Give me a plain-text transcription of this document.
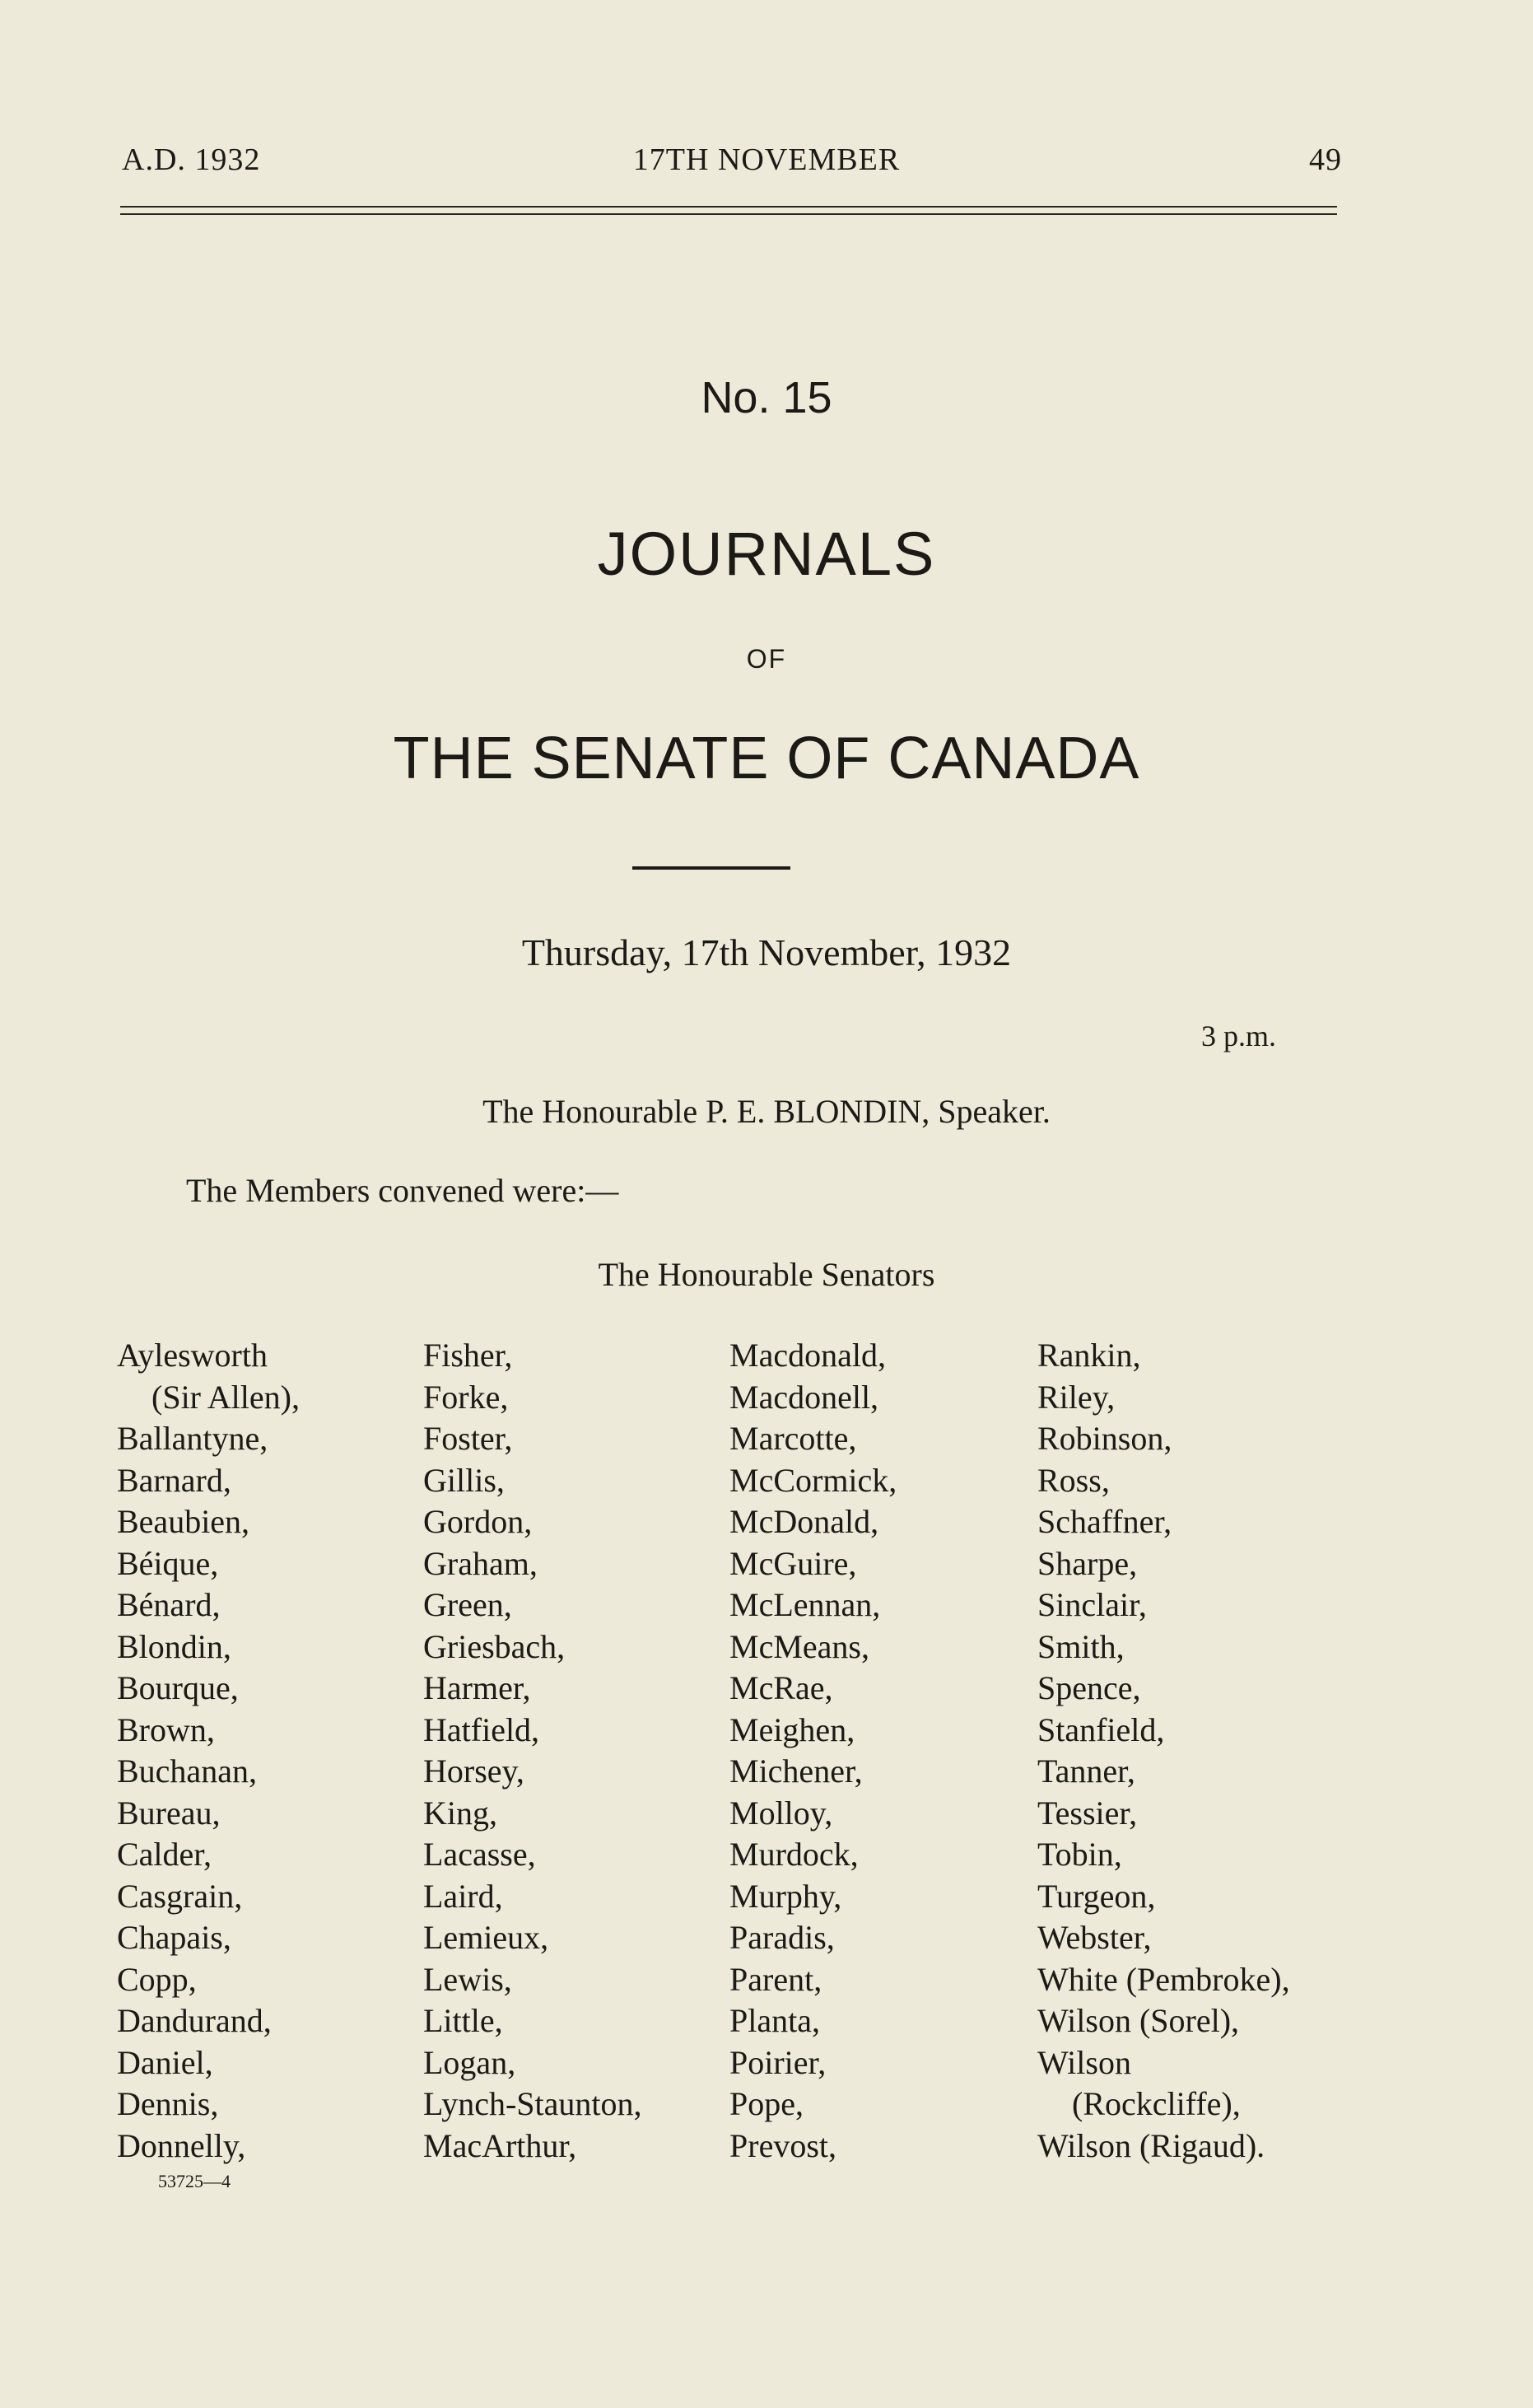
A.D. 1932	17TH NOVEMBER	49
No. 15
JOURNALS
OF
THE SENATE OF CANADA
Thursday, 17th November, 1932
3 p.m.
The Honourable P. E. BLONDIN, Speaker.
The Members convened were:—
The Honourable Senators
Aylesworth
(Sir Allen),
Ballantyne,
Barnard,
Beaubien,
Béique,
Bénard,
Blondin,
Bourque,
Brown,
Buchanan,
Bureau,
Calder,
Casgrain,
Chapais,
Copp,
Dandurand,
Daniel,
Dennis,
Donnelly,
Fisher,
Forke,
Foster,
Gillis,
Gordon,
Graham,
Green,
Griesbach,
Harmer,
Hatfield,
Horsey,
King,
Lacasse,
Laird,
Lemieux,
Lewis,
Little,
Logan,
Lynch-Staunton,
MacArthur,
Macdonald,
Macdonell,
Marcotte,
McCormick,
McDonald,
McGuire,
McLennan,
McMeans,
McRae,
Meighen,
Michener,
Molloy,
Murdock,
Murphy,
Paradis,
Parent,
Planta,
Poirier,
Pope,
Prevost,
Rankin,
Riley,
Robinson,
Ross,
Schaffner,
Sharpe,
Sinclair,
Smith,
Spence,
Stanfield,
Tanner,
Tessier,
Tobin,
Turgeon,
Webster,
White (Pembroke),
Wilson (Sorel),
Wilson
(Rockcliffe),
Wilson (Rigaud).
53725—4
